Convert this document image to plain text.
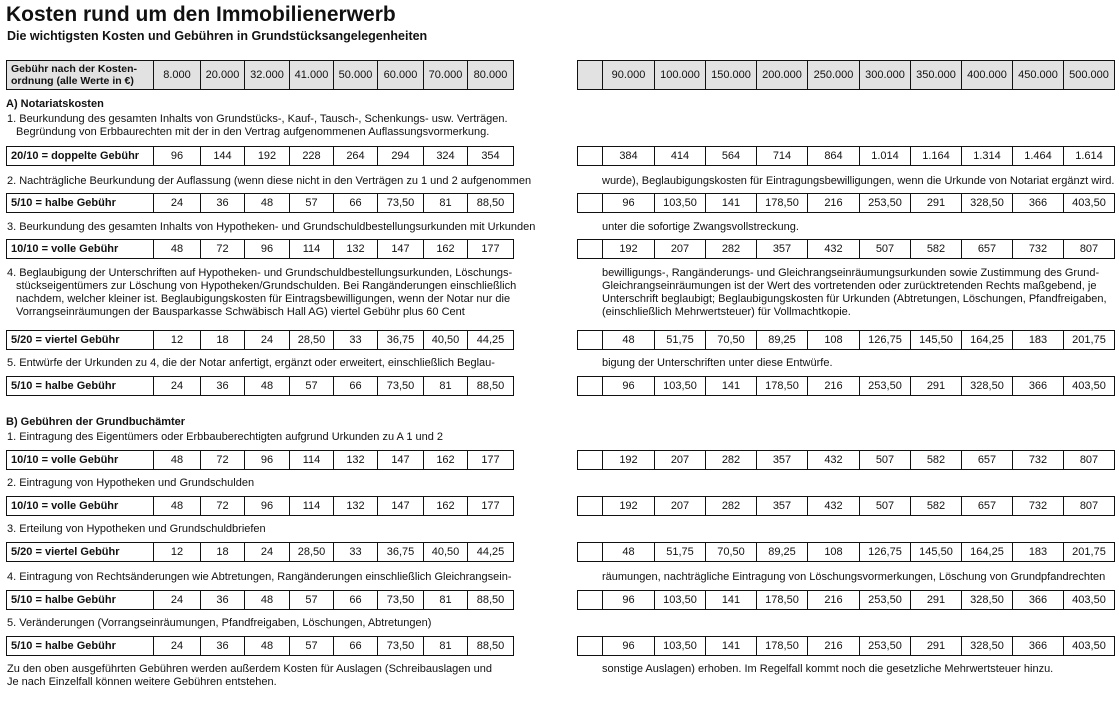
Kosten rund um den Immobilienerwerb
Die wichtigsten Kosten und Gebühren in Grundstücksangelegenheiten
Gebühr nach der Kosten-
ordnung (alle Werte in €)	8.000	20.000	32.000	41.000	50.000	60.000	70.000	80.000
		90.000	100.000	150.000	200.000	250.000	300.000	350.000	400.000	450.000	500.000
A) Notariatskosten
B) Gebühren der Grundbuchämter
1. Beurkundung des gesamten Inhalts von Grundstücks-, Kauf-, Tausch-, Schenkungs- usw. Verträgen.
Begründung von Erbbaurechten mit der in den Vertrag aufgenommenen Auflassungsvormerkung.
20/10 = doppelte Gebühr	96	144	192	228	264	294	324	354
		384	414	564	714	864	1.014	1.164	1.314	1.464	1.614
2. Nachträgliche Beurkundung der Auflassung (wenn diese nicht in den Verträgen zu 1 und 2 aufgenommen	wurde), Beglaubigungskosten für Eintragungsbewilligungen, wenn die Urkunde von Notariat ergänzt wird.
5/10 = halbe Gebühr	24	36	48	57	66	73,50	81	88,50
		96	103,50	141	178,50	216	253,50	291	328,50	366	403,50
3. Beurkundung des gesamten Inhalts von Hypotheken- und Grundschuldbestellungsurkunden mit Urkunden	unter die sofortige Zwangsvollstreckung.
10/10 = volle Gebühr	48	72	96	114	132	147	162	177
		192	207	282	357	432	507	582	657	732	807
4. Beglaubigung der Unterschriften auf Hypotheken- und Grundschuldbestellungsurkunden, Löschungs-
stückseigentümers zur Löschung von Hypotheken/Grundschulden. Bei Rangänderungen einschließlich
nachdem, welcher kleiner ist. Beglaubigungskosten für Eintragsbewilligungen, wenn der Notar nur die
Vorrangseinräumungen der Bausparkasse Schwäbisch Hall AG) viertel Gebühr plus 60 Cent
bewilligungs-, Rangänderungs- und Gleichrangseinräumungsurkunden sowie Zustimmung des Grund-
Gleichrangseinräumungen ist der Wert des vortretenden oder zurücktretenden Rechts maßgebend, je
Unterschrift beglaubigt; Beglaubigungskosten für Urkunden (Abtretungen, Löschungen, Pfandfreigaben,
(einschließlich Mehrwertsteuer) für Vollmachtkopie.
5/20 = viertel Gebühr	12	18	24	28,50	33	36,75	40,50	44,25
		48	51,75	70,50	89,25	108	126,75	145,50	164,25	183	201,75
5. Entwürfe der Urkunden zu 4, die der Notar anfertigt, ergänzt oder erweitert, einschließlich Beglau-	bigung der Unterschriften unter diese Entwürfe.
5/10 = halbe Gebühr	24	36	48	57	66	73,50	81	88,50
		96	103,50	141	178,50	216	253,50	291	328,50	366	403,50
1. Eintragung des Eigentümers oder Erbbauberechtigten aufgrund Urkunden zu A 1 und 2
10/10 = volle Gebühr	48	72	96	114	132	147	162	177
		192	207	282	357	432	507	582	657	732	807
2. Eintragung von Hypotheken und Grundschulden
10/10 = volle Gebühr	48	72	96	114	132	147	162	177
		192	207	282	357	432	507	582	657	732	807
3. Erteilung von Hypotheken und Grundschuldbriefen
5/20 = viertel Gebühr	12	18	24	28,50	33	36,75	40,50	44,25
		48	51,75	70,50	89,25	108	126,75	145,50	164,25	183	201,75
4. Eintragung von Rechtsänderungen wie Abtretungen, Rangänderungen einschließlich Gleichrangsein-	räumungen, nachträgliche Eintragung von Löschungsvormerkungen, Löschung von Grundpfandrechten
5/10 = halbe Gebühr	24	36	48	57	66	73,50	81	88,50
		96	103,50	141	178,50	216	253,50	291	328,50	366	403,50
5. Veränderungen (Vorrangseinräumungen, Pfandfreigaben, Löschungen, Abtretungen)
5/10 = halbe Gebühr	24	36	48	57	66	73,50	81	88,50
		96	103,50	141	178,50	216	253,50	291	328,50	366	403,50
Zu den oben ausgeführten Gebühren werden außerdem Kosten für Auslagen (Schreibauslagen und
Je nach Einzelfall können weitere Gebühren entstehen.
sonstige Auslagen) erhoben. Im Regelfall kommt noch die gesetzliche Mehrwertsteuer hinzu.
